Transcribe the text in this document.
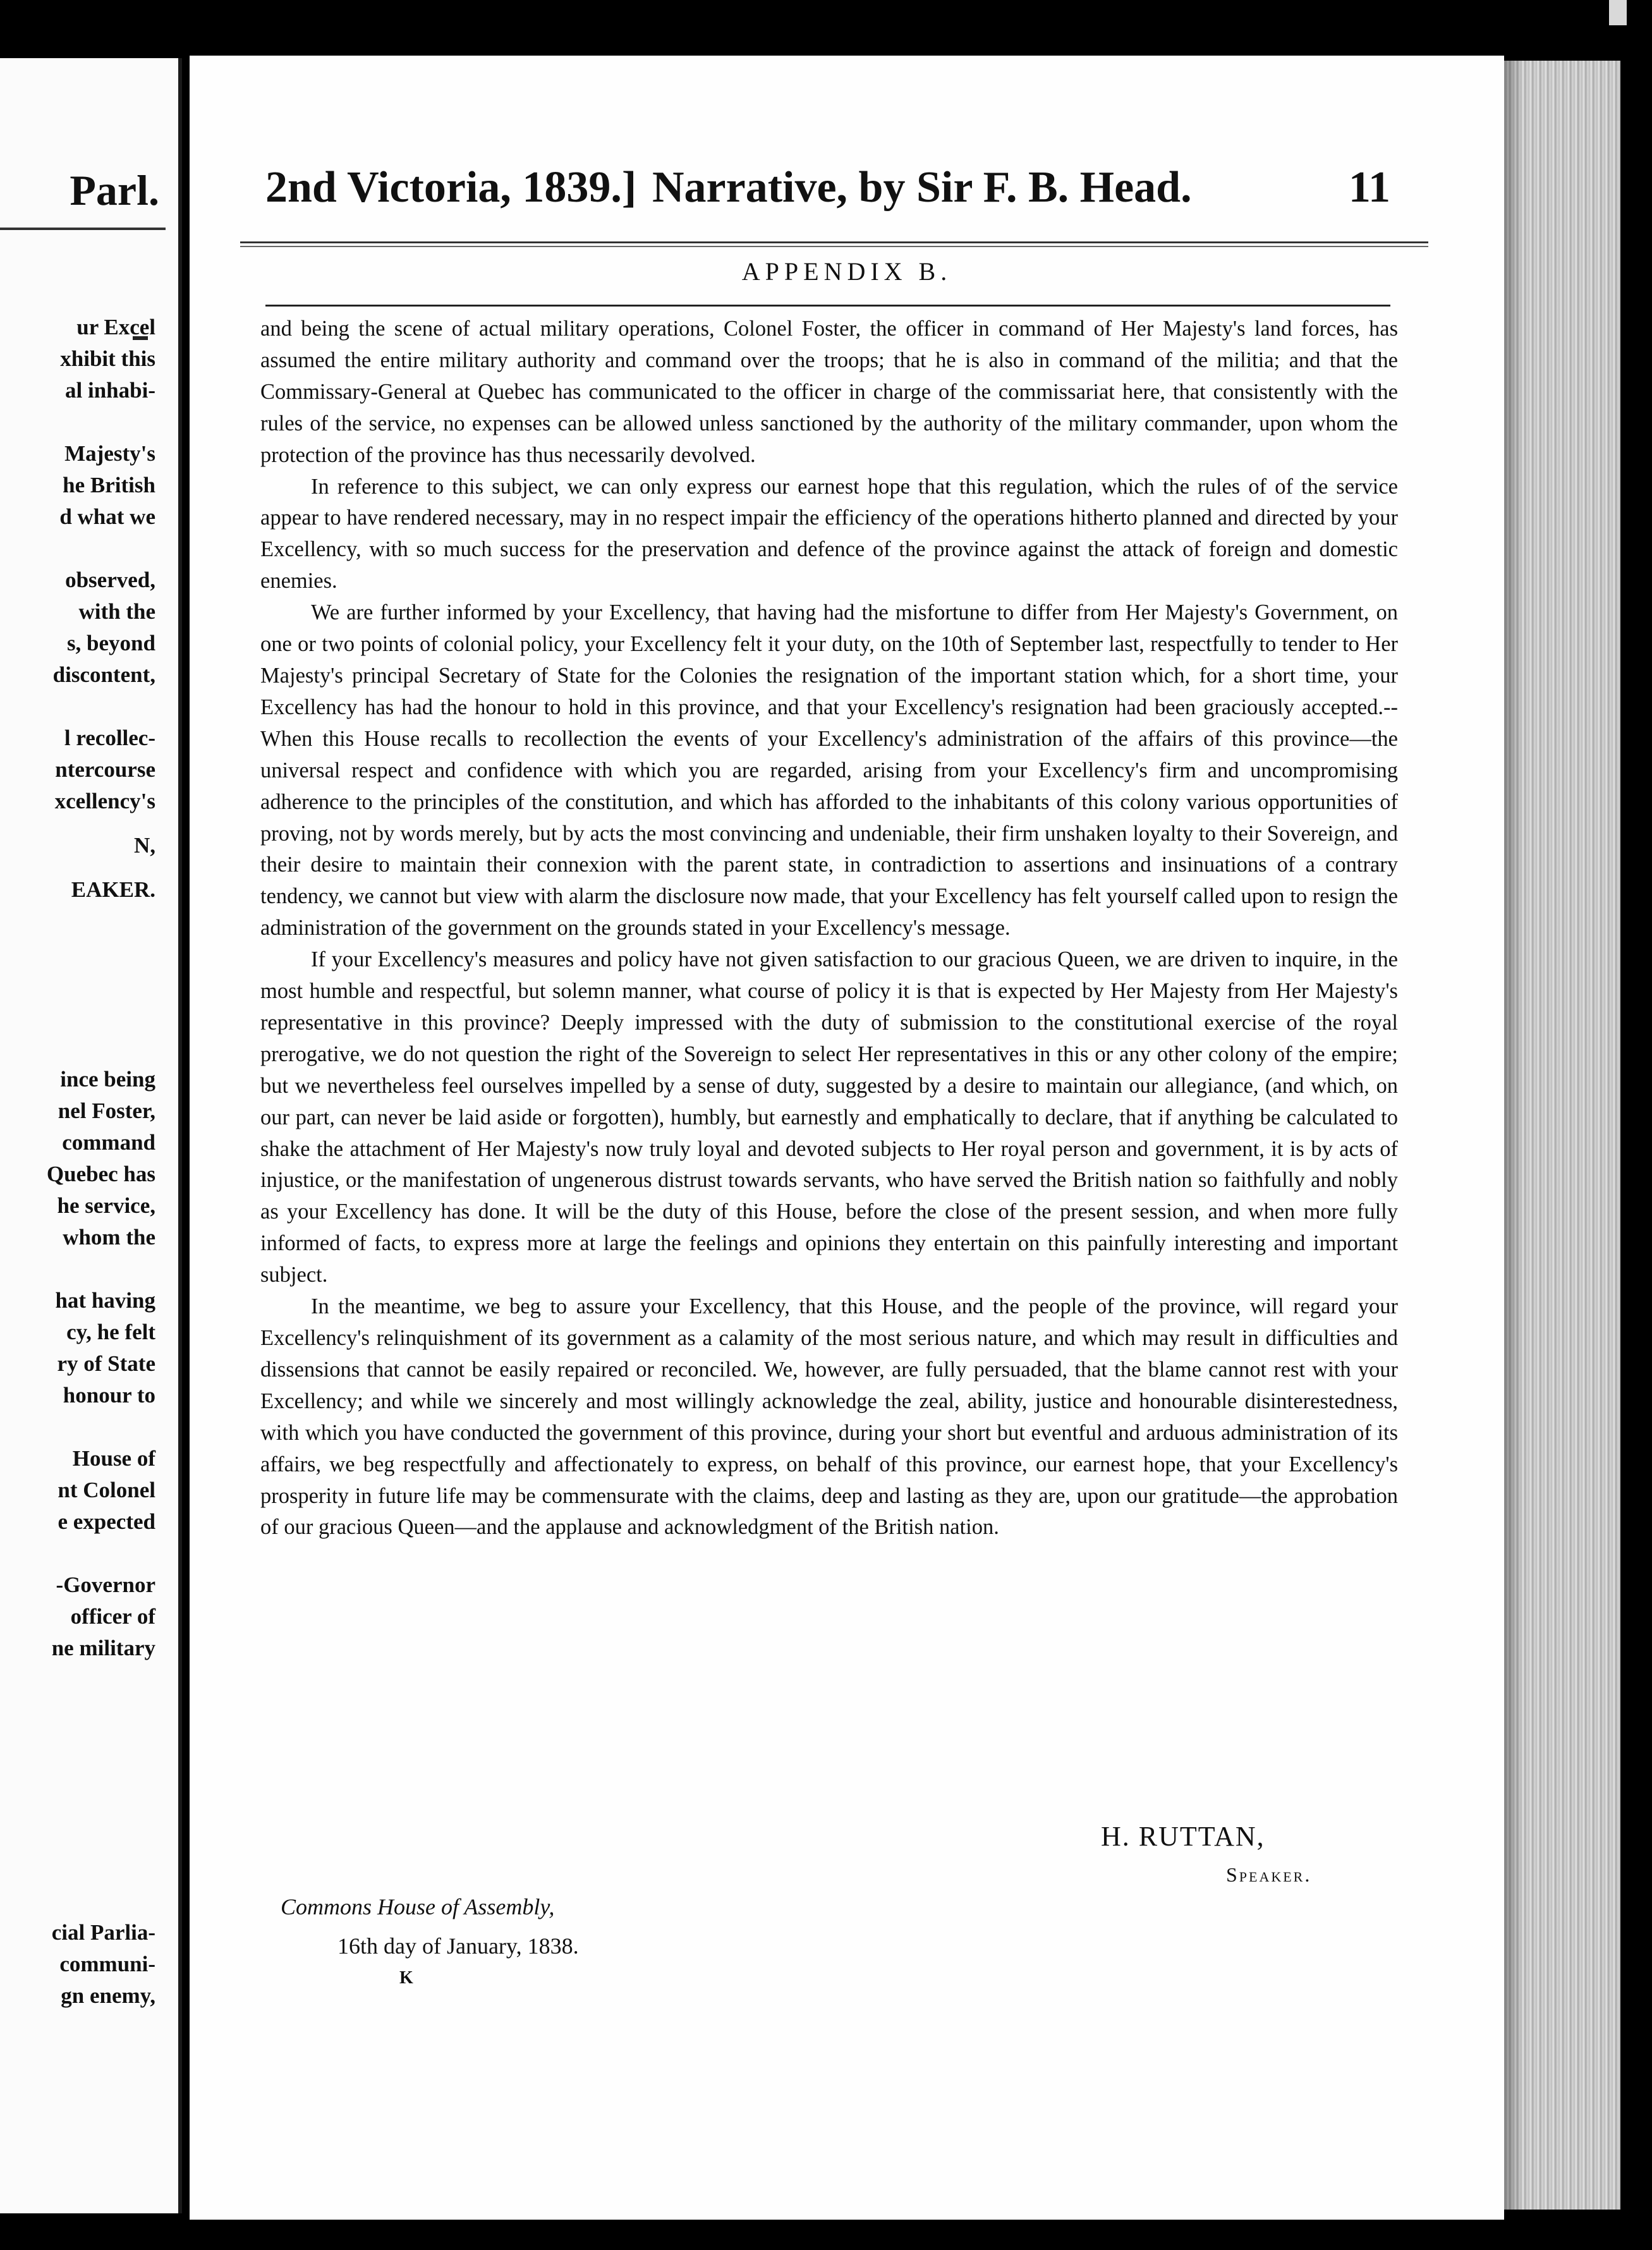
Parl.
ur Excel
xhibit this
al inhabi-
Majesty's
he British
d what we
observed,
with the
s, beyond
discontent,
l recollec-
ntercourse
xcellency's
N,
EAKER.
ince being
nel Foster,
command
Quebec has
he service,
whom the
hat having
cy, he felt
ry of State
honour to
House of
nt Colonel
e expected
-Governor
officer of
ne military
cial Parlia-
communi-
gn enemy,
2nd Victoria, 1839.] Narrative, by Sir F. B. Head.	11
APPENDIX B.

and being the scene of actual military operations, Colonel Foster, the officer in command of Her Majesty's land forces, has assumed the entire military authority and command over the troops; that he is also in command of the militia; and that the Commissary-General at Quebec has communicated to the officer in charge of the commissariat here, that consistently with the rules of the service, no expenses can be allowed unless sanctioned by the authority of the military commander, upon whom the protection of the province has thus necessarily devolved.

In reference to this subject, we can only express our earnest hope that this regulation, which the rules of of the service appear to have rendered necessary, may in no respect impair the efficiency of the operations hitherto planned and directed by your Excellency, with so much success for the preservation and defence of the province against the attack of foreign and domestic enemies.

We are further informed by your Excellency, that having had the misfortune to differ from Her Majesty's Government, on one or two points of colonial policy, your Excellency felt it your duty, on the 10th of September last, respectfully to tender to Her Majesty's principal Secretary of State for the Colonies the resignation of the important station which, for a short time, your Excellency has had the honour to hold in this province, and that your Excellency's resignation had been graciously accepted.--When this House recalls to recollection the events of your Excellency's administration of the affairs of this province—the universal respect and confidence with which you are regarded, arising from your Excellency's firm and uncompromising adherence to the principles of the constitution, and which has afforded to the inhabitants of this colony various opportunities of proving, not by words merely, but by acts the most convincing and undeniable, their firm unshaken loyalty to their Sovereign, and their desire to maintain their connexion with the parent state, in contradiction to assertions and insinuations of a contrary tendency, we cannot but view with alarm the disclosure now made, that your Excellency has felt yourself called upon to resign the administration of the government on the grounds stated in your Excellency's message.

If your Excellency's measures and policy have not given satisfaction to our gracious Queen, we are driven to inquire, in the most humble and respectful, but solemn manner, what course of policy it is that is expected by Her Majesty from Her Majesty's representative in this province? Deeply impressed with the duty of submission to the constitutional exercise of the royal prerogative, we do not question the right of the Sovereign to select Her representatives in this or any other colony of the empire; but we nevertheless feel ourselves impelled by a sense of duty, suggested by a desire to maintain our allegiance, (and which, on our part, can never be laid aside or forgotten), humbly, but earnestly and emphatically to declare, that if anything be calculated to shake the attachment of Her Majesty's now truly loyal and devoted subjects to Her royal person and government, it is by acts of injustice, or the manifestation of ungenerous distrust towards servants, who have served the British nation so faithfully and nobly as your Excellency has done. It will be the duty of this House, before the close of the present session, and when more fully informed of facts, to express more at large the feelings and opinions they entertain on this painfully interesting and important subject.

In the meantime, we beg to assure your Excellency, that this House, and the people of the province, will regard your Excellency's relinquishment of its government as a calamity of the most serious nature, and which may result in difficulties and dissensions that cannot be easily repaired or reconciled. We, however, are fully persuaded, that the blame cannot rest with your Excellency; and while we sincerely and most willingly acknowledge the zeal, ability, justice and honourable disinterestedness, with which you have conducted the government of this province, during your short but eventful and arduous administration of its affairs, we beg respectfully and affectionately to express, on behalf of this province, our earnest hope, that your Excellency's prosperity in future life may be commensurate with the claims, deep and lasting as they are, upon our gratitude—the approbation of our gracious Queen—and the applause and acknowledgment of the British nation.

H. RUTTAN,
Speaker.
Commons House of Assembly,
16th day of January, 1838.
K
